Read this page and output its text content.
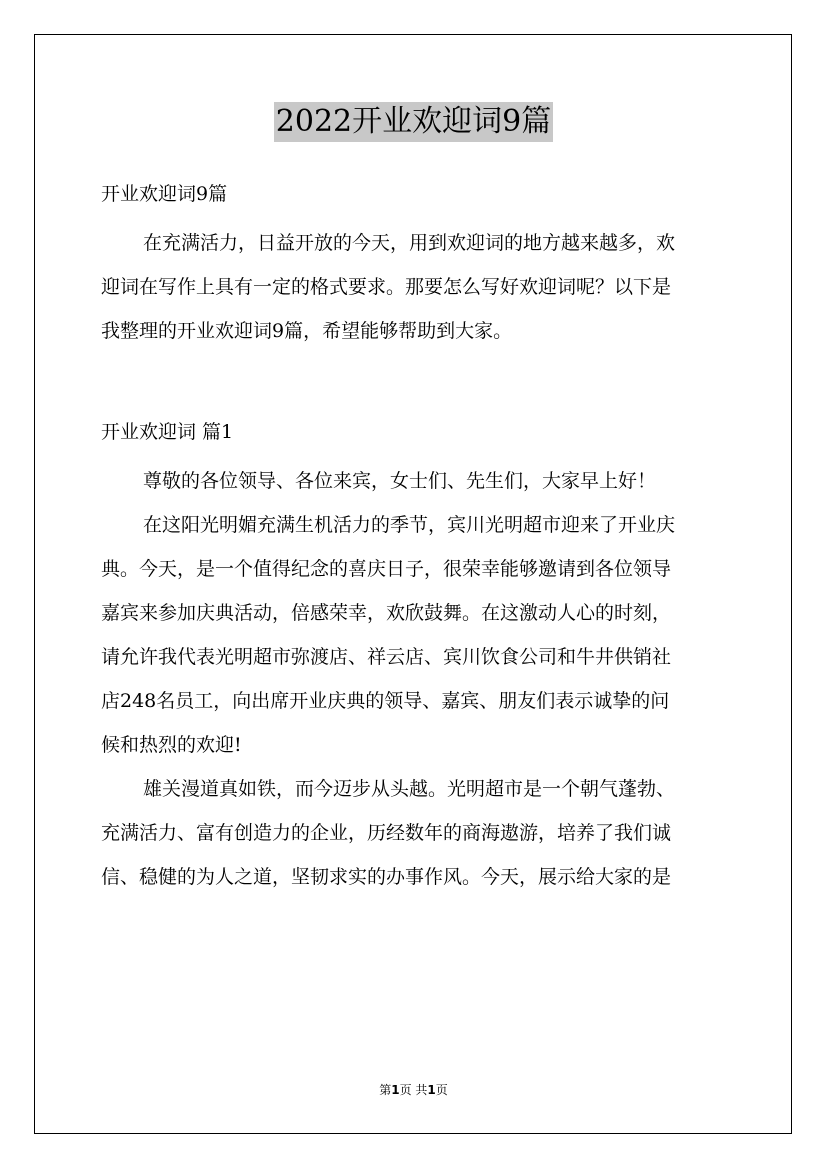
2022开业欢迎词9篇

开业欢迎词9篇

在充满活力，日益开放的今天，用到欢迎词的地方越来越多，欢

迎词在写作上具有一定的格式要求。那要怎么写好欢迎词呢？以下是

我整理的开业欢迎词9篇，希望能够帮助到大家。

开业欢迎词 篇1

尊敬的各位领导、各位来宾，女士们、先生们，大家早上好！

在这阳光明媚充满生机活力的季节，宾川光明超市迎来了开业庆

典。今天，是一个值得纪念的喜庆日子，很荣幸能够邀请到各位领导

嘉宾来参加庆典活动，倍感荣幸，欢欣鼓舞。在这激动人心的时刻，

请允许我代表光明超市弥渡店、祥云店、宾川饮食公司和牛井供销社

店248名员工，向出席开业庆典的领导、嘉宾、朋友们表示诚挚的问

候和热烈的欢迎!

雄关漫道真如铁，而今迈步从头越。光明超市是一个朝气蓬勃、

充满活力、富有创造力的企业，历经数年的商海遨游，培养了我们诚

信、稳健的为人之道，坚韧求实的办事作风。今天，展示给大家的是

第1页 共1页
